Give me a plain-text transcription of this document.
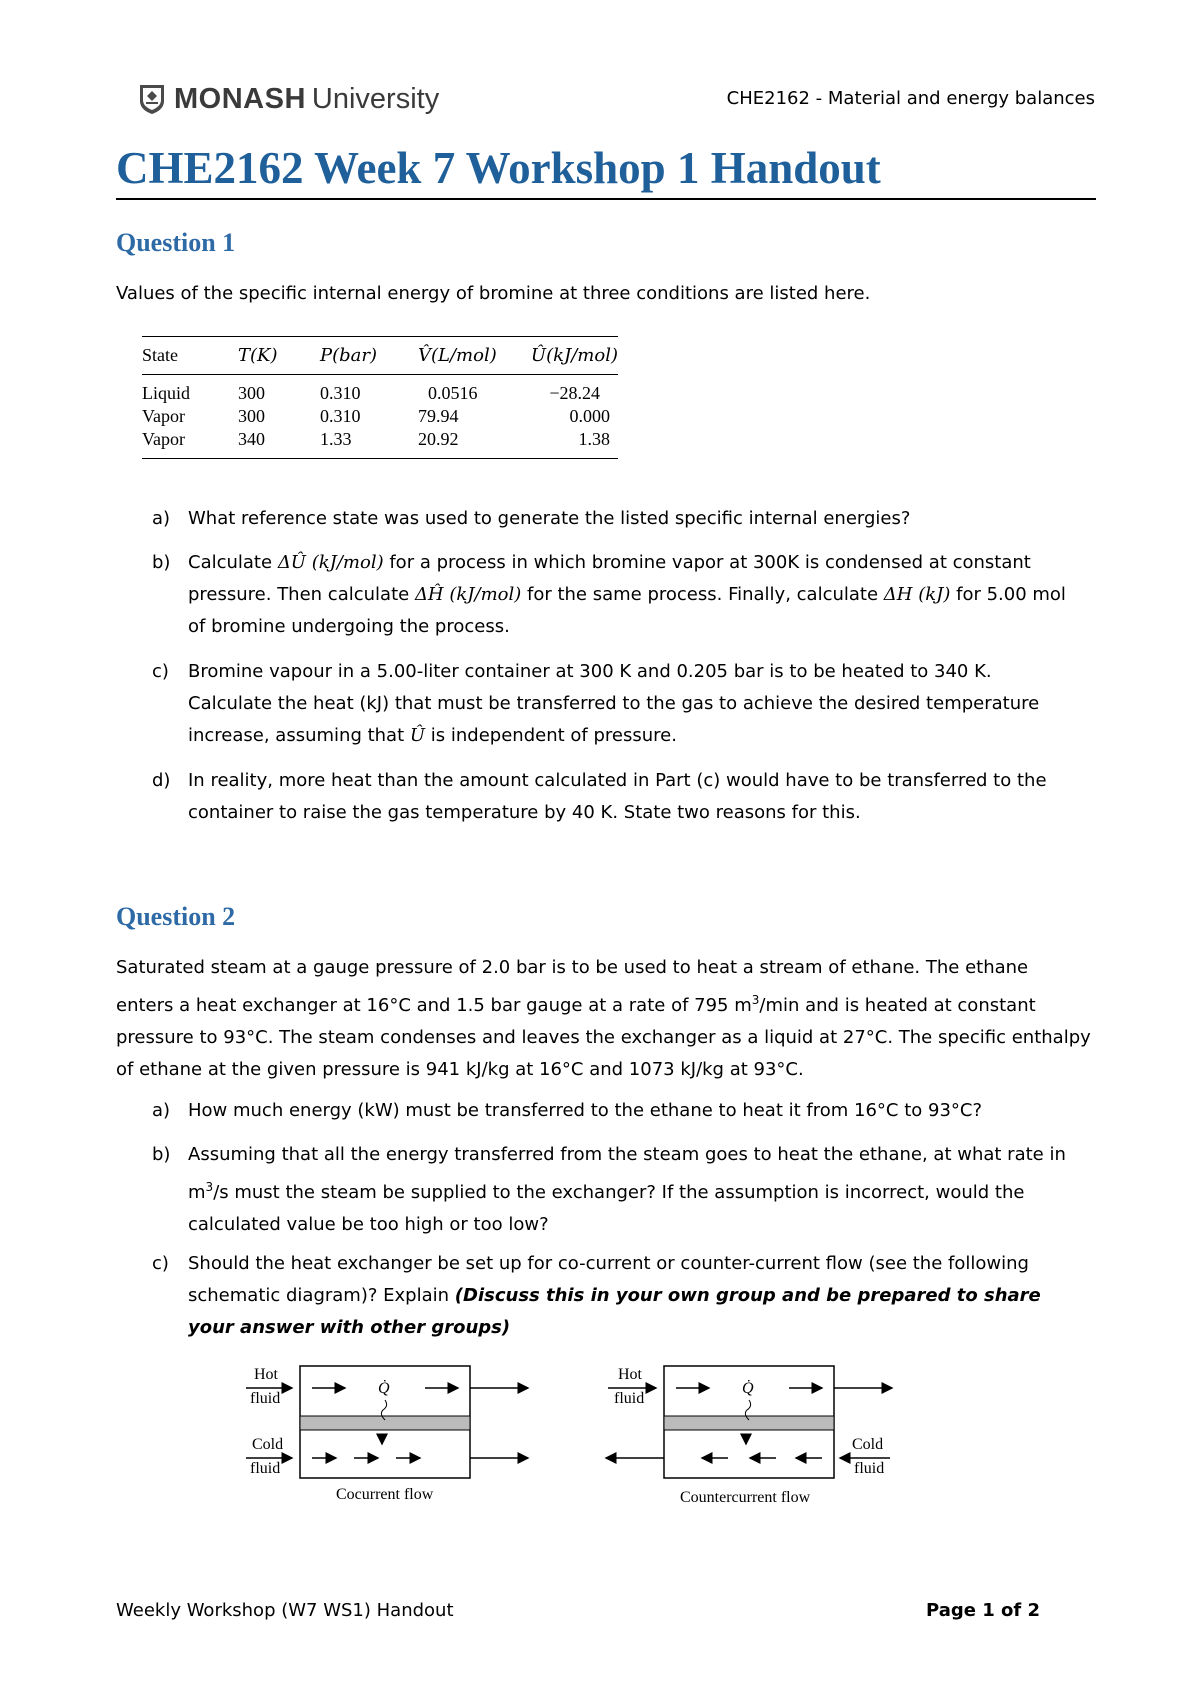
MONASH University	CHE2162 - Material and energy balances
CHE2162 Week 7 Workshop 1 Handout
Question 1
Values of the specific internal energy of bromine at three conditions are listed here.
State	T(K)	P(bar)	V̂(L/mol)	Û(kJ/mol)
Liquid	300	0.310	0.0516	−28.24
Vapor	300	0.310	79.94	0.000
Vapor	340	1.33	20.92	1.38
a) What reference state was used to generate the listed specific internal energies?
b) Calculate ΔÛ (kJ/mol) for a process in which bromine vapor at 300K is condensed at constant pressure. Then calculate ΔĤ (kJ/mol) for the same process. Finally, calculate ΔH (kJ) for 5.00 mol of bromine undergoing the process.
c)	Bromine vapour in a 5.00-liter container at 300 K and 0.205 bar is to be heated to 340 K. Calculate the heat (kJ) that must be transferred to the gas to achieve the desired temperature increase, assuming that Û is independent of pressure.
d) In reality, more heat than the amount calculated in Part (c) would have to be transferred to the container to raise the gas temperature by 40 K. State two reasons for this.
Question 2
Saturated steam at a gauge pressure of 2.0 bar is to be used to heat a stream of ethane. The ethane enters a heat exchanger at 16°C and 1.5 bar gauge at a rate of 795 $m^3/\min$ and is heated at constant pressure to 93°C. The steam condenses and leaves the exchanger as a liquid at 27°C. The specific enthalpy of ethane at the given pressure is 941 kJ/kg at 16°C and 1073 kJ/kg at 93°C.
a) How much energy (kW) must be transferred to the ethane to heat it from 16°C to 93°C?
b) Assuming that all the energy transferred from the steam goes to heat the ethane, at what rate in $m^3/s$ must the steam be supplied to the exchanger? If the assumption is incorrect, would the calculated value be too high or too low?
c)	Should the heat exchanger be set up for co-current or counter-current flow (see the following schematic diagram)? Explain (Discuss this in your own group and be prepared to share your answer with other groups)
Hot
fluid
Cold
fluid
Q̇
Cocurrent flow
Hot
fluid
Q̇
Cold
fluid
Countercurrent flow
Weekly Workshop (W7 WS1) Handout	Page 1 of 2
